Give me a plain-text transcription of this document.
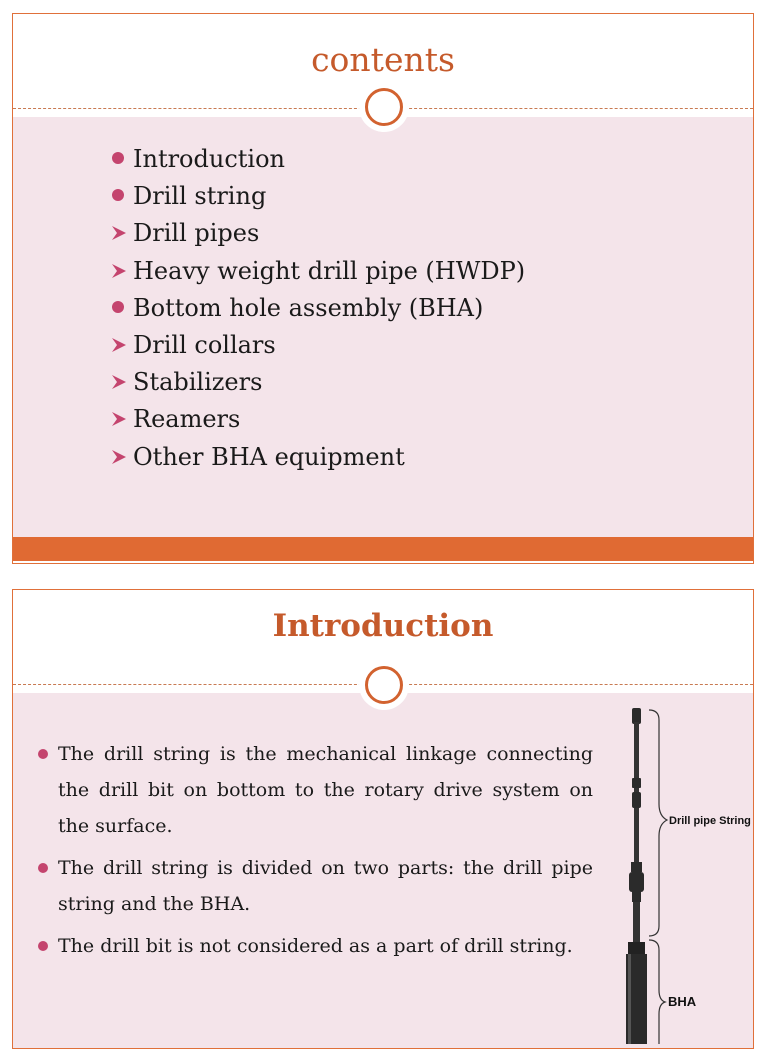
contents
Introduction
Drill string
Drill pipes
Heavy weight drill pipe (HWDP)
Bottom hole assembly (BHA)
Drill collars
Stabilizers
Reamers
Other BHA equipment
Introduction
The drill string is the mechanical linkage connecting the drill bit on bottom to the rotary drive system on the surface.
The drill string is divided on two parts: the drill pipe string and the BHA.
The drill bit is not considered as a part of drill string.
Drill pipe String
BHA
